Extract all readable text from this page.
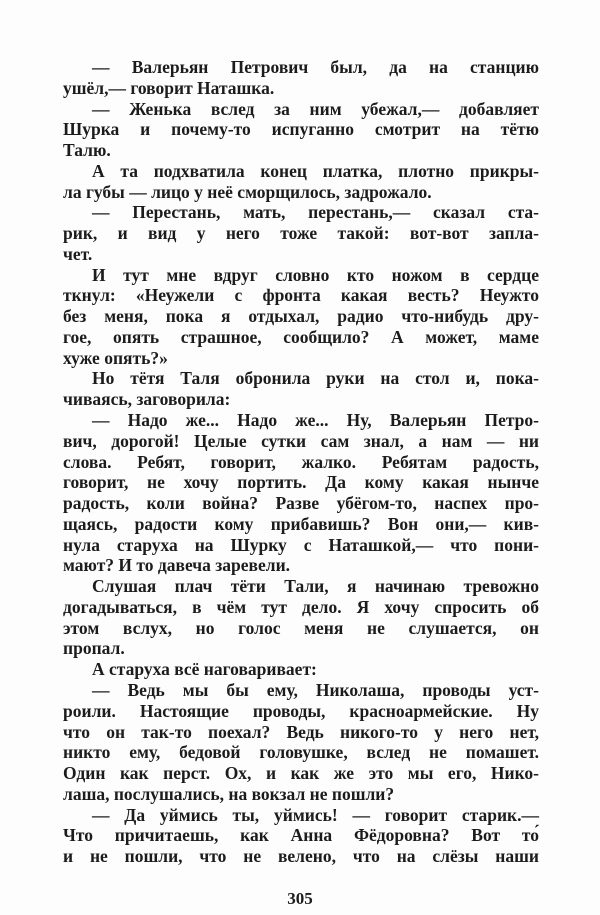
— Валерьян Петрович был, да на станцию
ушёл,— говорит Наташка.
— Женька вслед за ним убежал,— добавляет
Шурка и почему-то испуганно смотрит на тётю
Талю.
А та подхватила конец платка, плотно прикры-
ла губы — лицо у неё сморщилось, задрожало.
— Перестань, мать, перестань,— сказал ста-
рик, и вид у него тоже такой: вот-вот запла-
чет.
И тут мне вдруг словно кто ножом в сердце
ткнул: «Неужели с фронта какая весть? Неужто
без меня, пока я отдыхал, радио что-нибудь дру-
гое, опять страшное, сообщило? А может, маме
хуже опять?»
Но тётя Таля обронила руки на стол и, пока-
чиваясь, заговорила:
— Надо же... Надо же... Ну, Валерьян Петро-
вич, дорогой! Целые сутки сам знал, а нам — ни
слова. Ребят, говорит, жалко. Ребятам радость,
говорит, не хочу портить. Да кому какая нынче
радость, коли война? Разве убёгом-то, наспех про-
щаясь, радости кому прибавишь? Вон они,— кив-
нула старуха на Шурку с Наташкой,— что пони-
мают? И то давеча заревели.
Слушая плач тёти Тали, я начинаю тревожно
догадываться, в чём тут дело. Я хочу спросить об
этом вслух, но голос меня не слушается, он
пропал.
А старуха всё наговаривает:
— Ведь мы бы ему, Николаша, проводы уст-
роили. Настоящие проводы, красноармейские. Ну
что он так-то поехал? Ведь никого-то у него нет,
никто ему, бедовой головушке, вслед не помашет.
Один как перст. Ох, и как же это мы его, Нико-
лаша, послушались, на вокзал не пошли?
— Да уймись ты, уймись! — говорит старик.—
Что причитаешь, как Анна Фёдоровна? Вот то́
и не пошли, что не велено, что на слёзы наши
305
